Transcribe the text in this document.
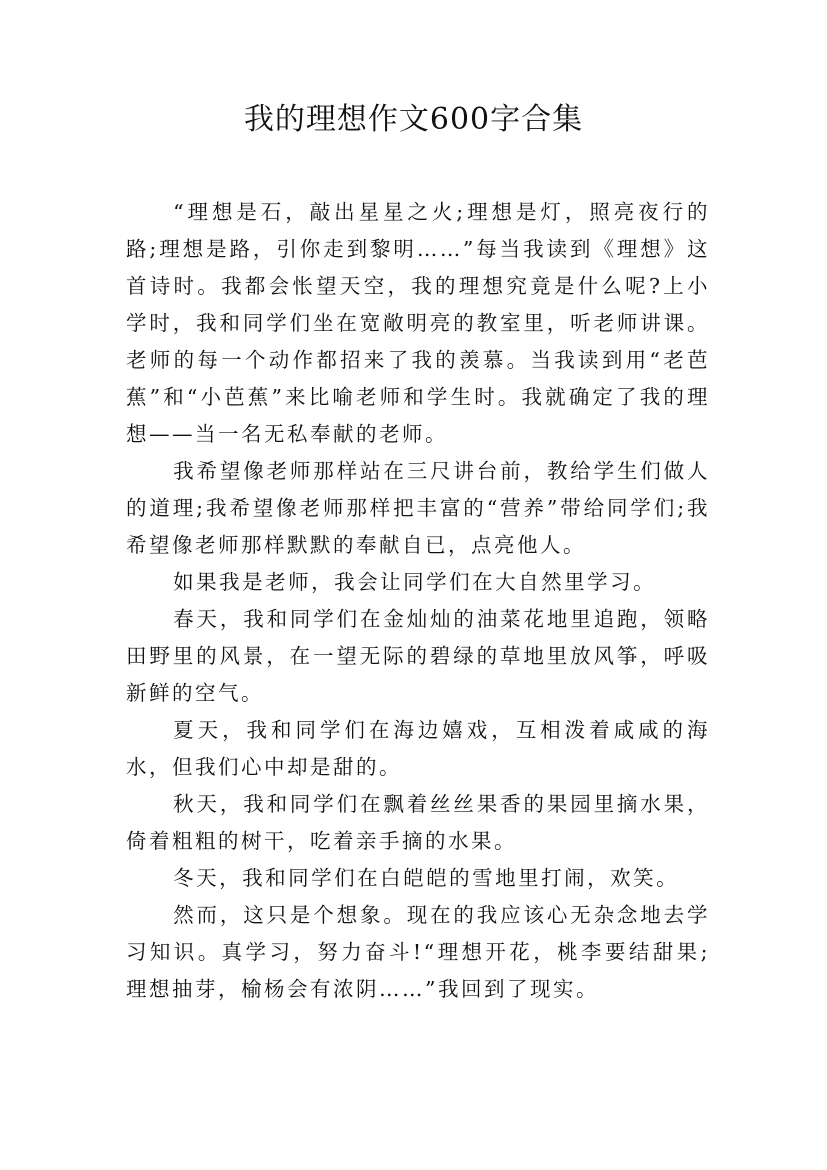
我的理想作文600字合集

“理想是石，敲出星星之火;理想是灯，照亮夜行的路;理想是路，引你走到黎明……”每当我读到《理想》这首诗时。我都会怅望天空，我的理想究竟是什么呢?上小学时，我和同学们坐在宽敞明亮的教室里，听老师讲课。老师的每一个动作都招来了我的羡慕。当我读到用“老芭蕉”和“小芭蕉”来比喻老师和学生时。我就确定了我的理想——当一名无私奉献的老师。

我希望像老师那样站在三尺讲台前，教给学生们做人的道理;我希望像老师那样把丰富的“营养”带给同学们;我希望像老师那样默默的奉献自已，点亮他人。

如果我是老师，我会让同学们在大自然里学习。

春天，我和同学们在金灿灿的油菜花地里追跑，领略田野里的风景，在一望无际的碧绿的草地里放风筝，呼吸新鲜的空气。

夏天，我和同学们在海边嬉戏，互相泼着咸咸的海水，但我们心中却是甜的。

秋天，我和同学们在飘着丝丝果香的果园里摘水果，倚着粗粗的树干，吃着亲手摘的水果。

冬天，我和同学们在白皑皑的雪地里打闹，欢笑。

然而，这只是个想象。现在的我应该心无杂念地去学习知识。真学习，努力奋斗!“理想开花，桃李要结甜果;理想抽芽，榆杨会有浓阴……”我回到了现实。
